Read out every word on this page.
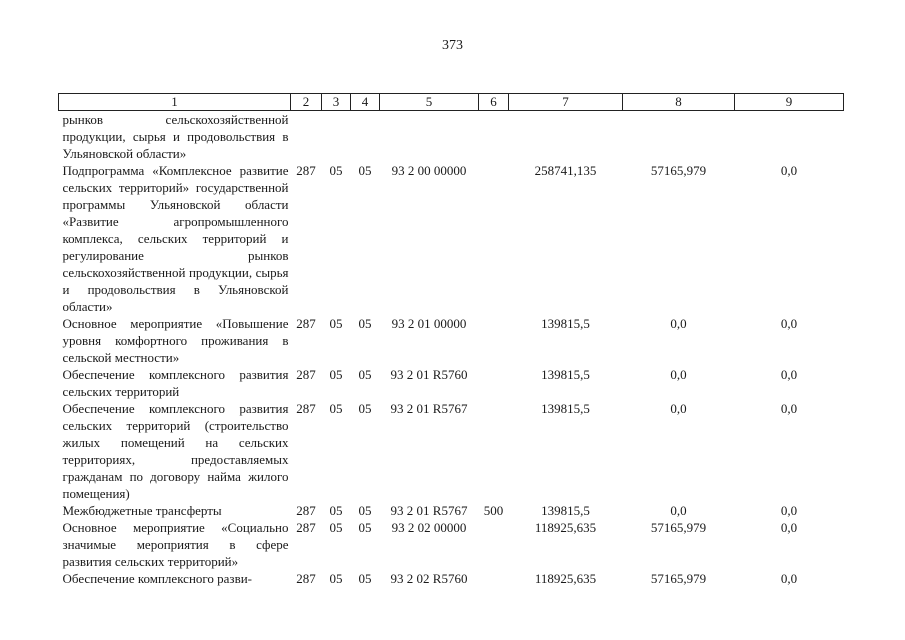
373
1	2	3	4	5	6	7	8	9
рынков сельскохозяйственной продукции, сырья и продовольствия в Ульяновской области»								
Подпрограмма «Комплексное развитие сельских территорий» государственной программы Ульяновской области «Развитие агропромышленного комплекса, сельских территорий и регулирование рынков сельскохозяйственной продукции, сырья и продовольствия в Ульяновской области»	287	05	05	93 2 00 00000		258741,135	57165,979	0,0
Основное мероприятие «Повышение уровня комфортного проживания в сельской местности»	287	05	05	93 2 01 00000		139815,5	0,0	0,0
Обеспечение комплексного развития сельских территорий	287	05	05	93 2 01 R5760		139815,5	0,0	0,0
Обеспечение комплексного развития сельских территорий (строительство жилых помещений на сельских территориях, предоставляемых гражданам по договору найма жилого помещения)	287	05	05	93 2 01 R5767		139815,5	0,0	0,0
Межбюджетные трансферты	287	05	05	93 2 01 R5767	500	139815,5	0,0	0,0
Основное мероприятие «Социально значимые мероприятия в сфере развития сельских территорий»	287	05	05	93 2 02 00000		118925,635	57165,979	0,0
Обеспечение комплексного разви-	287	05	05	93 2 02 R5760		118925,635	57165,979	0,0
